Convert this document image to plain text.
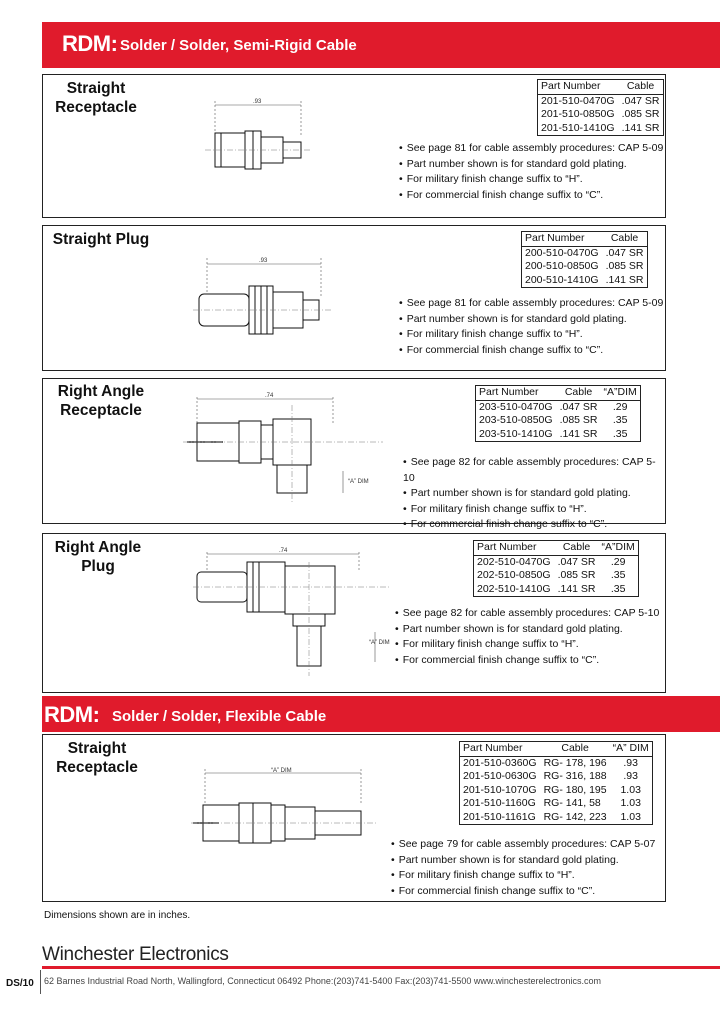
RDM: Solder / Solder, Semi-Rigid Cable
Straight
Receptacle	.93
Part Number	Cable
201-510-0470G	.047 SR
201-510-0850G	.085 SR
201-510-1410G	.141 SR
• See page 81 for cable assembly procedures: CAP 5-09
• Part number shown is for standard gold plating.
• For military finish change suffix to “H”.
• For commercial finish change suffix to “C”.
Straight Plug
.93
Part Number	Cable
200-510-0470G	.047 SR
200-510-0850G	.085 SR
200-510-1410G	.141 SR
• See page 81 for cable assembly procedures: CAP 5-09
• Part number shown is for standard gold plating.
• For military finish change suffix to “H”.
• For commercial finish change suffix to “C”.
Right Angle
Receptacle
.74
“A” DIM
Part Number	Cable	“A”DIM
203-510-0470G	.047 SR	.29
203-510-0850G	.085 SR	.35
203-510-1410G	.141 SR	.35
• See page 82 for cable assembly procedures: CAP 5-10
• Part number shown is for standard gold plating.
• For military finish change suffix to “H”.
• For commercial finish change suffix to “C”.
Right Angle
Plug
.74
“A” DIM
Part Number	Cable	“A”DIM
202-510-0470G	.047 SR	.29
202-510-0850G	.085 SR	.35
202-510-1410G	.141 SR	.35
• See page 82 for cable assembly procedures: CAP 5-10
• Part number shown is for standard gold plating.
• For military finish change suffix to “H”.
• For commercial finish change suffix to “C”.
RDM: Solder / Solder, Flexible Cable
Straight
Receptacle	“A” DIM
Part Number	Cable	“A” DIM
201-510-0360G	RG- 178, 196	.93
201-510-0630G	RG- 316, 188	.93
201-510-1070G	RG- 180, 195	1.03
201-510-1160G	RG- 141, 58	1.03
201-510-1161G	RG- 142, 223	1.03
• See page 79 for cable assembly procedures: CAP 5-07
• Part number shown is for standard gold plating.
• For military finish change suffix to “H”.
• For commercial finish change suffix to “C”.
Dimensions shown are in inches.
Winchester Electronics
DS/10 62 Barnes Industrial Road North, Wallingford, Connecticut 06492 Phone:(203)741-5400 Fax:(203)741-5500 www.winchesterelectronics.com
